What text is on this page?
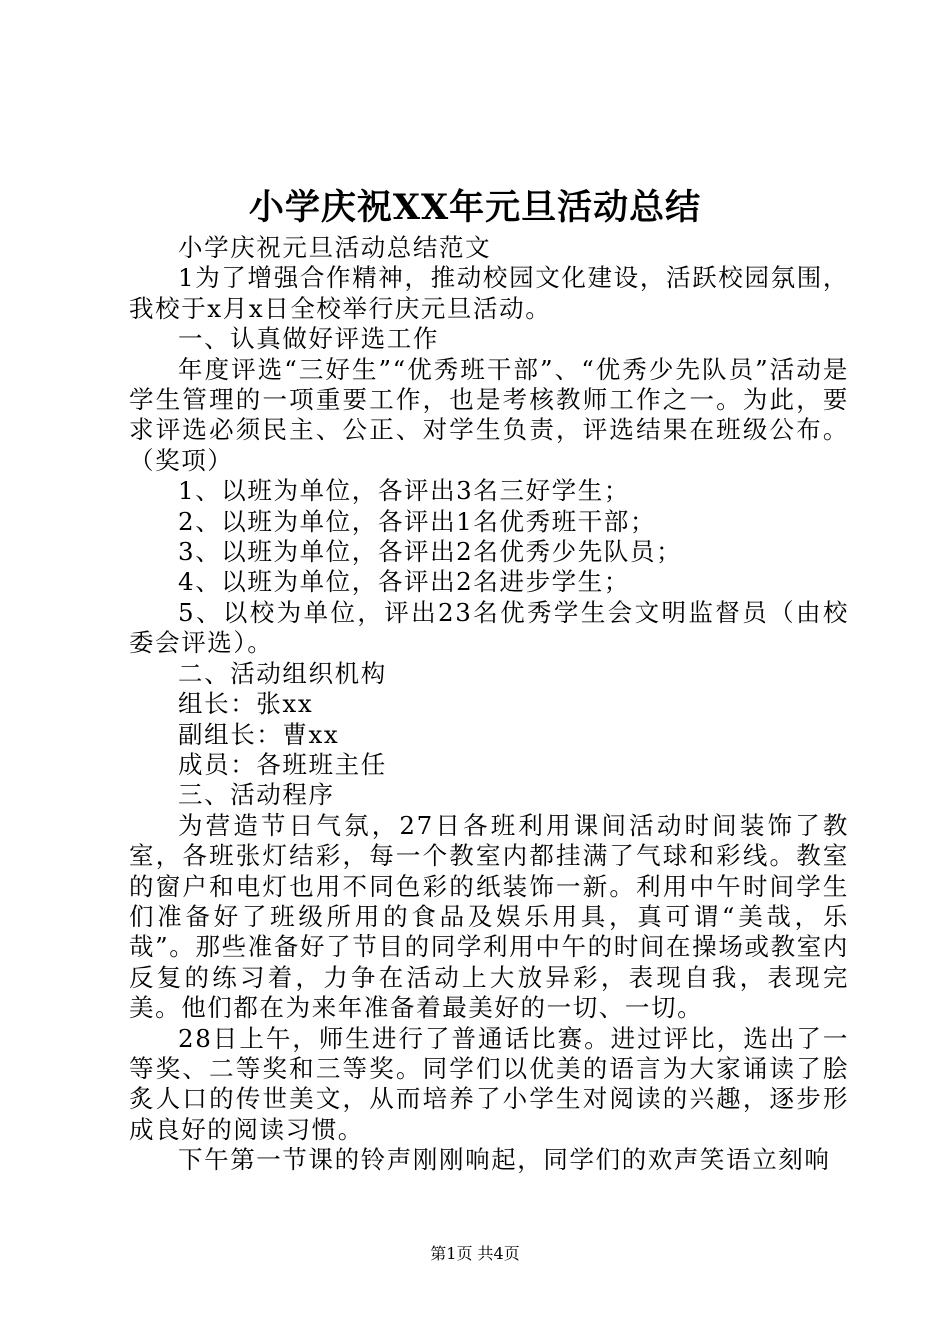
小学庆祝XX年元旦活动总结

小学庆祝元旦活动总结范文

1为了增强合作精神，推动校园文化建设，活跃校园氛围，我校于x月x日全校举行庆元旦活动。

一、认真做好评选工作

年度评选“三好生”“优秀班干部”、“优秀少先队员”活动是学生管理的一项重要工作，也是考核教师工作之一。为此，要求评选必须民主、公正、对学生负责，评选结果在班级公布。（奖项）

1、以班为单位，各评出3名三好学生；

2、以班为单位，各评出1名优秀班干部；

3、以班为单位，各评出2名优秀少先队员；

4、以班为单位，各评出2名进步学生；

5、以校为单位，评出23名优秀学生会文明监督员（由校委会评选）。

二、活动组织机构

组长：张xx

副组长：曹xx

成员：各班班主任

三、活动程序

为营造节日气氛，27日各班利用课间活动时间装饰了教室，各班张灯结彩，每一个教室内都挂满了气球和彩线。教室的窗户和电灯也用不同色彩的纸装饰一新。利用中午时间学生们准备好了班级所用的食品及娱乐用具，真可谓“美哉，乐哉”。那些准备好了节目的同学利用中午的时间在操场或教室内反复的练习着，力争在活动上大放异彩，表现自我，表现完美。他们都在为来年准备着最美好的一切、一切。

28日上午，师生进行了普通话比赛。进过评比，选出了一等奖、二等奖和三等奖。同学们以优美的语言为大家诵读了脍炙人口的传世美文，从而培养了小学生对阅读的兴趣，逐步形成良好的阅读习惯。

下午第一节课的铃声刚刚响起，同学们的欢声笑语立刻响

第1页 共4页
